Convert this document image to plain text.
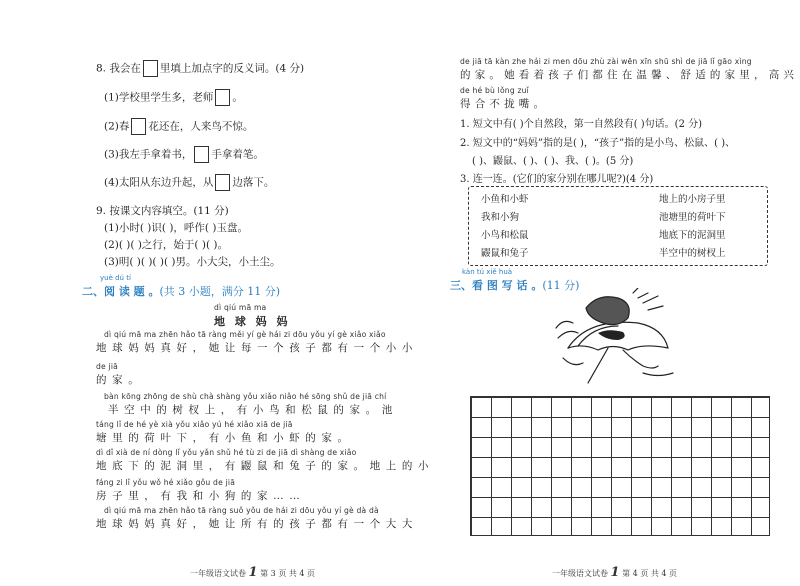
8. 我会在 里填上加点字的反义词。(4 分)
(1)学校里学生多，老师 。
(2)春 花还在，人来鸟不惊。
(3)我左手拿着书， 手拿着笔。
(4)太阳从东边升起，从 边落下。
9. 按课文内容填空。(11 分)
(1)小时( )识( )，呼作( )玉盘。
(2)( )( )之行，始于( )( )。
(3)明( )( )( )( )男。小大尖，小土尘。
yuè dú tí
二、阅 读 题 。(共 3 小题，满分 11 分)
dì qiú mā ma
地 球 妈 妈
dì qiú mā ma zhēn hǎo tā ràng měi yí gè hái zi dōu yǒu yí gè xiǎo xiǎo
地球妈妈真好，她让每一个孩子都有一个小小
de jiā
的家。
bàn kōng zhōng de shù chà shàng yǒu xiǎo niǎo hé sōng shǔ de jiā chí
半空中的树杈上，有小鸟和松鼠的家。池
táng lǐ de hé yè xià yǒu xiǎo yú hé xiǎo xiā de jiā
塘里的荷叶下，有小鱼和小虾的家。
dì dǐ xià de ní dòng lǐ yǒu yǎn shǔ hé tù zi de jiā dì shàng de xiǎo
地底下的泥洞里，有鼹鼠和兔子的家。地上的小
fáng zi lǐ yǒu wǒ hé xiǎo gǒu de jiā
房子里，有我和小狗的家……
dì qiú mā ma zhēn hǎo tā ràng suǒ yǒu de hái zi dōu yǒu yí gè dà dà
地球妈妈真好，她让所有的孩子都有一个大大
一年级语文试卷 1 第 3 页 共 4 页
de jiā tā kàn zhe hái zi men dōu zhù zài wēn xīn shū shì de jiā lǐ gāo xìng
的家。她看着孩子们都住在温馨、舒适的家里，高兴
de hé bù lǒng zuǐ
得合不拢嘴。
1. 短文中有( )个自然段，第一自然段有( )句话。(2 分)
2. 短文中的“妈妈”指的是( )，“孩子”指的是小鸟、松鼠、( )、
( )、鼹鼠、( )、( )、我、( )。(5 分)
3. 连一连。(它们的家分别在哪儿呢?)(4 分)
小鱼和小虾	地上的小房子里
我和小狗	池塘里的荷叶下
小鸟和松鼠	地底下的泥洞里
鼹鼠和兔子	半空中的树杈上
kàn tú xiě huà
三、看 图 写 话 。(11 分)
一年级语文试卷 1 第 4 页 共 4 页
